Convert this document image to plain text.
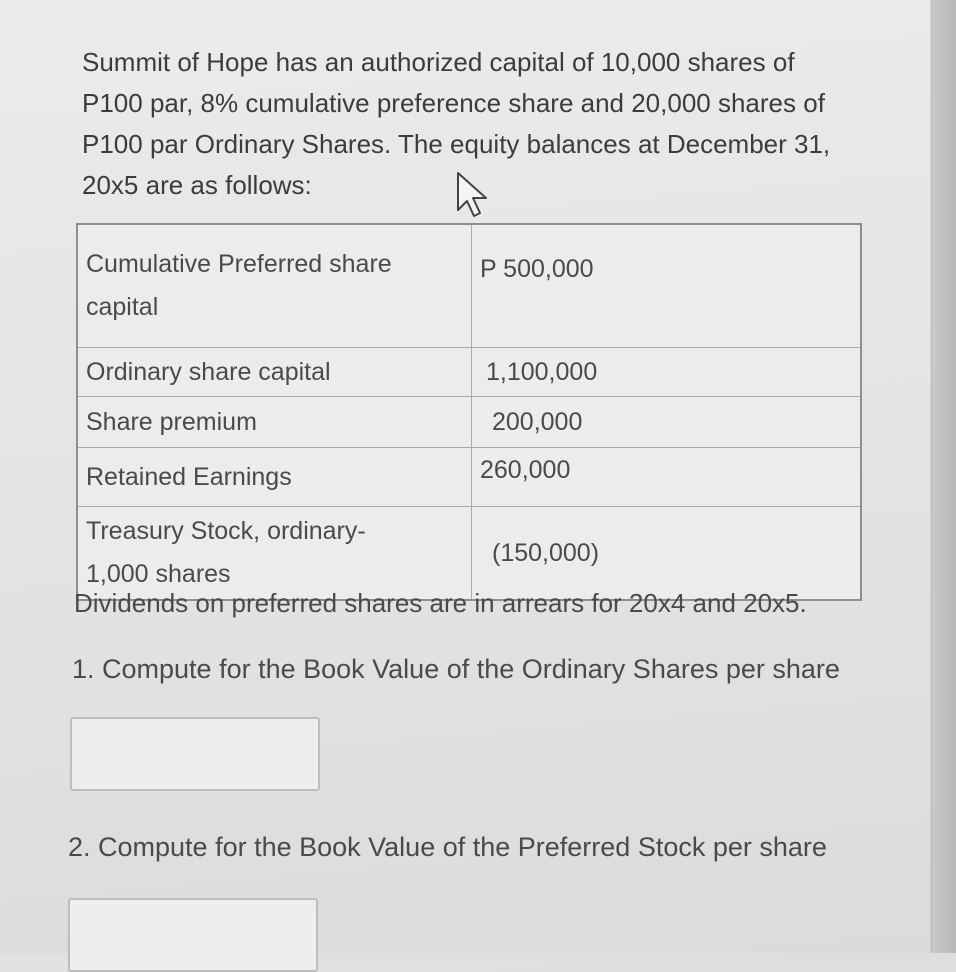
Summit of Hope has an authorized capital of 10,000 shares of
P100 par, 8% cumulative preference share and 20,000 shares of
P100 par Ordinary Shares. The equity balances at December 31,
20x5 are as follows:

Cumulative Preferred share
capital	P 500,000
Ordinary share capital	1,100,000
Share premium	200,000
Retained Earnings	260,000
Treasury Stock, ordinary-
1,000 shares	(150,000)

Dividends on preferred shares are in arrears for 20x4 and 20x5.

1. Compute for the Book Value of the Ordinary Shares per share

2. Compute for the Book Value of the Preferred Stock per share
